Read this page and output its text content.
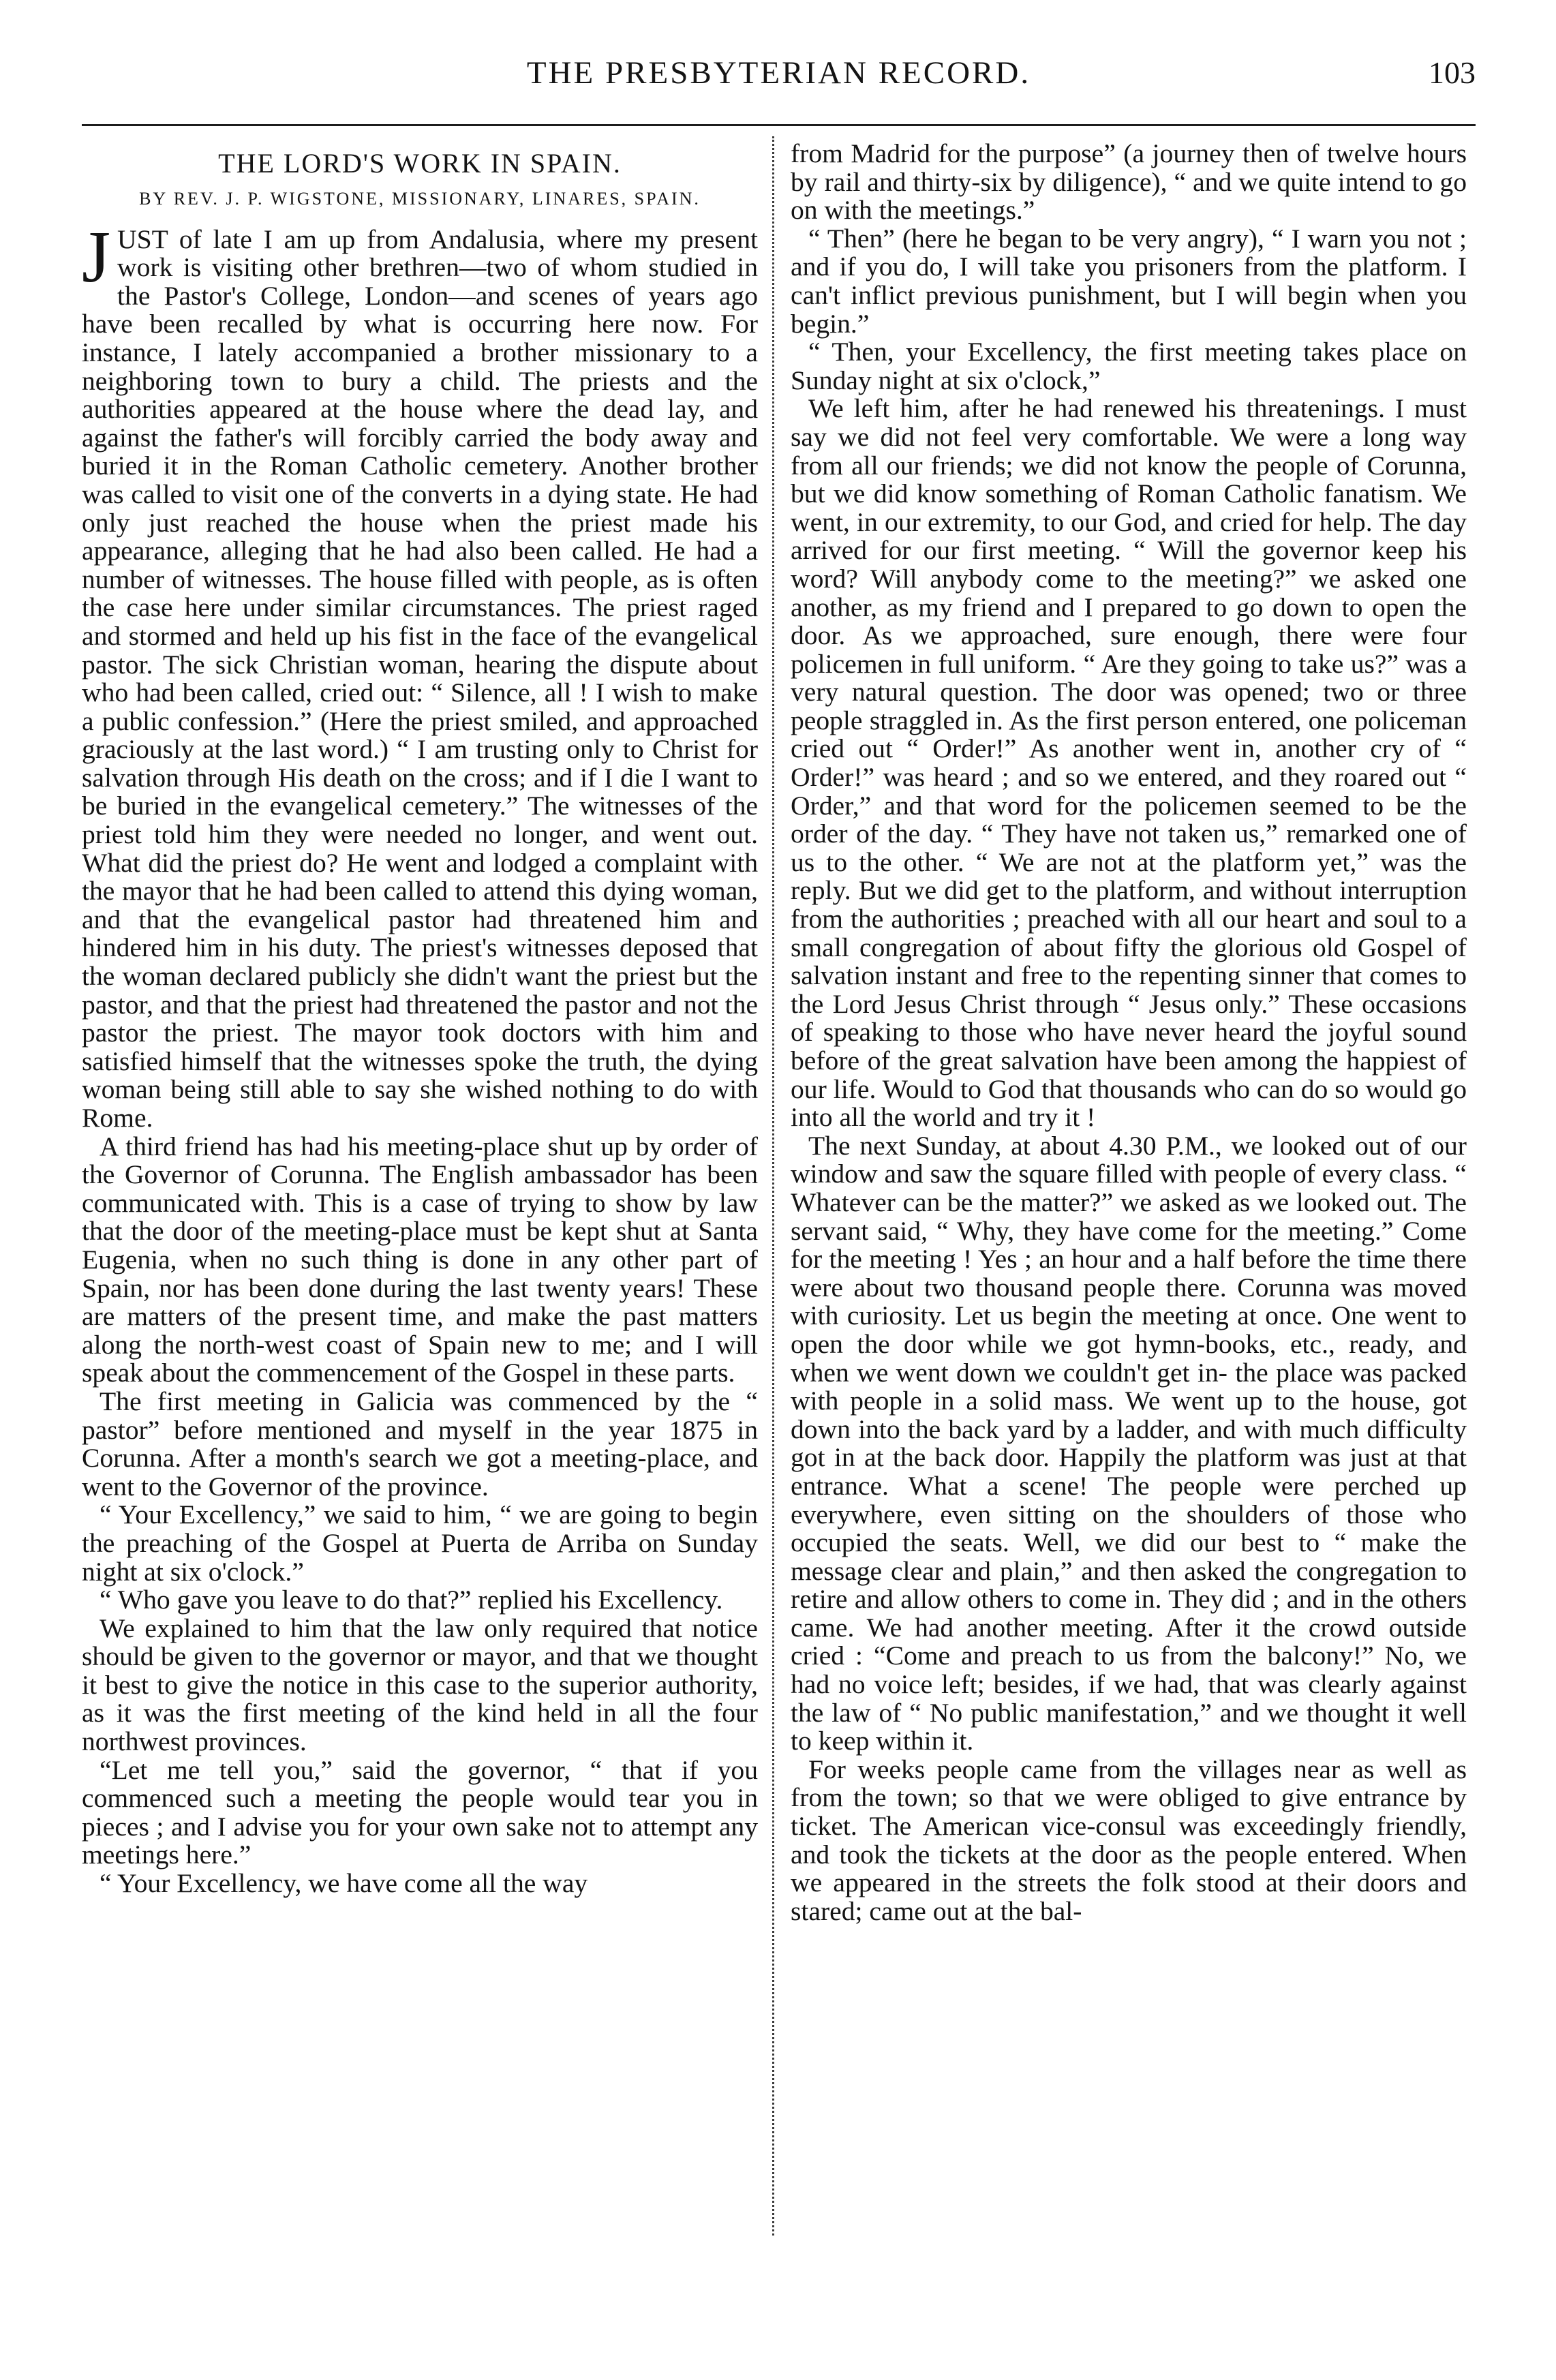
THE PRESBYTERIAN RECORD.	103
THE LORD'S WORK IN SPAIN.
BY REV. J. P. WIGSTONE, MISSIONARY, LINARES, SPAIN.

JUST of late I am up from Andalusia, where my present work is visiting other brethren—two of whom studied in the Pastor's College, London—and scenes of years ago have been recalled by what is occurring here now. For instance, I lately accompanied a brother missionary to a neighboring town to bury a child. The priests and the authorities appeared at the house where the dead lay, and against the father's will forcibly carried the body away and buried it in the Roman Catholic cemetery. Another brother was called to visit one of the converts in a dying state. He had only just reached the house when the priest made his appearance, alleging that he had also been called. He had a number of witnesses. The house filled with people, as is often the case here under similar circumstances. The priest raged and stormed and held up his fist in the face of the evangelical pastor. The sick Christian woman, hearing the dispute about who had been called, cried out: “ Silence, all ! I wish to make a public confession.” (Here the priest smiled, and approached graciously at the last word.) “ I am trusting only to Christ for salvation through His death on the cross; and if I die I want to be buried in the evangelical cemetery.” The witnesses of the priest told him they were needed no longer, and went out. What did the priest do? He went and lodged a complaint with the mayor that he had been called to attend this dying woman, and that the evangelical pastor had threatened him and hindered him in his duty. The priest's witnesses deposed that the woman declared publicly she didn't want the priest but the pastor, and that the priest had threatened the pastor and not the pastor the priest. The mayor took doctors with him and satisfied himself that the witnesses spoke the truth, the dying woman being still able to say she wished nothing to do with Rome.

A third friend has had his meeting-place shut up by order of the Governor of Corunna. The English ambassador has been communicated with. This is a case of trying to show by law that the door of the meeting-place must be kept shut at Santa Eugenia, when no such thing is done in any other part of Spain, nor has been done during the last twenty years! These are matters of the present time, and make the past matters along the north-west coast of Spain new to me; and I will speak about the commencement of the Gospel in these parts.

The first meeting in Galicia was commenced by the “ pastor” before mentioned and myself in the year 1875 in Corunna. After a month's search we got a meeting-place, and went to the Governor of the province.

“ Your Excellency,” we said to him, “ we are going to begin the preaching of the Gospel at Puerta de Arriba on Sunday night at six o'clock.”

“ Who gave you leave to do that?” replied his Excellency.

We explained to him that the law only required that notice should be given to the governor or mayor, and that we thought it best to give the notice in this case to the superior authority, as it was the first meeting of the kind held in all the four northwest provinces.

“Let me tell you,” said the governor, “ that if you commenced such a meeting the people would tear you in pieces ; and I advise you for your own sake not to attempt any meetings here.”

“ Your Excellency, we have come all the way

from Madrid for the purpose” (a journey then of twelve hours by rail and thirty-six by diligence), “ and we quite intend to go on with the meetings.”

“ Then” (here he began to be very angry), “ I warn you not ; and if you do, I will take you prisoners from the platform. I can't inflict previous punishment, but I will begin when you begin.”

“ Then, your Excellency, the first meeting takes place on Sunday night at six o'clock,”

We left him, after he had renewed his threatenings. I must say we did not feel very comfortable. We were a long way from all our friends; we did not know the people of Corunna, but we did know something of Roman Catholic fanatism. We went, in our extremity, to our God, and cried for help. The day arrived for our first meeting. “ Will the governor keep his word? Will anybody come to the meeting?” we asked one another, as my friend and I prepared to go down to open the door. As we approached, sure enough, there were four policemen in full uniform. “ Are they going to take us?” was a very natural question. The door was opened; two or three people straggled in. As the first person entered, one policeman cried out “ Order!” As another went in, another cry of “ Order!” was heard ; and so we entered, and they roared out “ Order,” and that word for the policemen seemed to be the order of the day. “ They have not taken us,” remarked one of us to the other. “ We are not at the platform yet,” was the reply. But we did get to the platform, and without interruption from the authorities ; preached with all our heart and soul to a small congregation of about fifty the glorious old Gospel of salvation instant and free to the repenting sinner that comes to the Lord Jesus Christ through “ Jesus only.” These occasions of speaking to those who have never heard the joyful sound before of the great salvation have been among the happiest of our life. Would to God that thousands who can do so would go into all the world and try it !

The next Sunday, at about 4.30 P.M., we looked out of our window and saw the square filled with people of every class. “ Whatever can be the matter?” we asked as we looked out. The servant said, “ Why, they have come for the meeting.” Come for the meeting ! Yes ; an hour and a half before the time there were about two thousand people there. Corunna was moved with curiosity. Let us begin the meeting at once. One went to open the door while we got hymn-books, etc., ready, and when we went down we couldn't get in- the place was packed with people in a solid mass. We went up to the house, got down into the back yard by a ladder, and with much difficulty got in at the back door. Happily the platform was just at that entrance. What a scene! The people were perched up everywhere, even sitting on the shoulders of those who occupied the seats. Well, we did our best to “ make the message clear and plain,” and then asked the congregation to retire and allow others to come in. They did ; and in the others came. We had another meeting. After it the crowd outside cried : “Come and preach to us from the balcony!” No, we had no voice left; besides, if we had, that was clearly against the law of “ No public manifestation,” and we thought it well to keep within it.

For weeks people came from the villages near as well as from the town; so that we were obliged to give entrance by ticket. The American vice-consul was exceedingly friendly, and took the tickets at the door as the people entered. When we appeared in the streets the folk stood at their doors and stared; came out at the bal-
